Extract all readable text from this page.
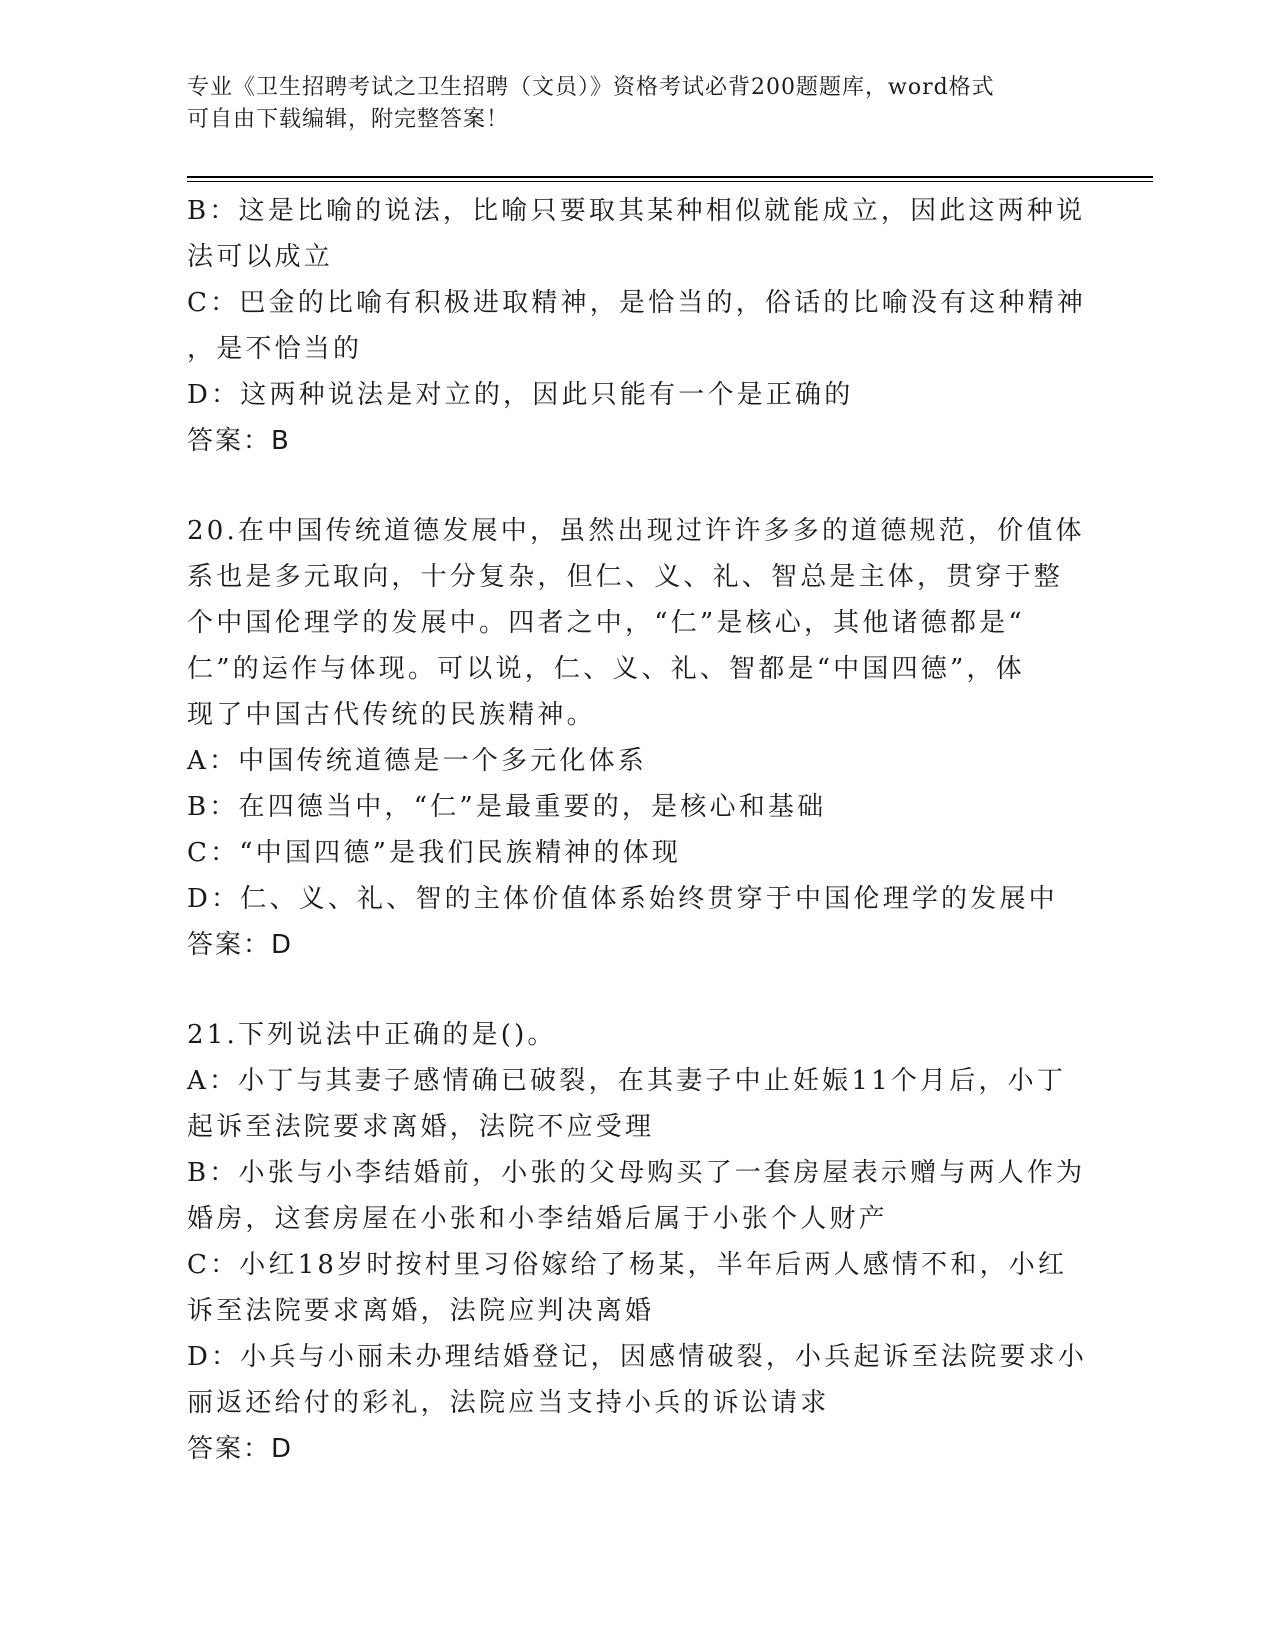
专业《卫生招聘考试之卫生招聘（文员）》资格考试必背200题题库，word格式
可自由下载编辑，附完整答案！
B：这是比喻的说法，比喻只要取其某种相似就能成立，因此这两种说
法可以成立
C：巴金的比喻有积极进取精神，是恰当的，俗话的比喻没有这种精神
，是不恰当的
D：这两种说法是对立的，因此只能有一个是正确的
答案：B
20.在中国传统道德发展中，虽然出现过许许多多的道德规范，价值体
系也是多元取向，十分复杂，但仁、义、礼、智总是主体，贯穿于整
个中国伦理学的发展中。四者之中，“仁”是核心，其他诸德都是“
仁”的运作与体现。可以说，仁、义、礼、智都是“中国四德”，体
现了中国古代传统的民族精神。
A：中国传统道德是一个多元化体系
B：在四德当中，“仁”是最重要的，是核心和基础
C：“中国四德”是我们民族精神的体现
D：仁、义、礼、智的主体价值体系始终贯穿于中国伦理学的发展中
答案：D
21.下列说法中正确的是()。
A：小丁与其妻子感情确已破裂，在其妻子中止妊娠11个月后，小丁
起诉至法院要求离婚，法院不应受理
B：小张与小李结婚前，小张的父母购买了一套房屋表示赠与两人作为
婚房，这套房屋在小张和小李结婚后属于小张个人财产
C：小红18岁时按村里习俗嫁给了杨某，半年后两人感情不和，小红
诉至法院要求离婚，法院应判决离婚
D：小兵与小丽未办理结婚登记，因感情破裂，小兵起诉至法院要求小
丽返还给付的彩礼，法院应当支持小兵的诉讼请求
答案：D
